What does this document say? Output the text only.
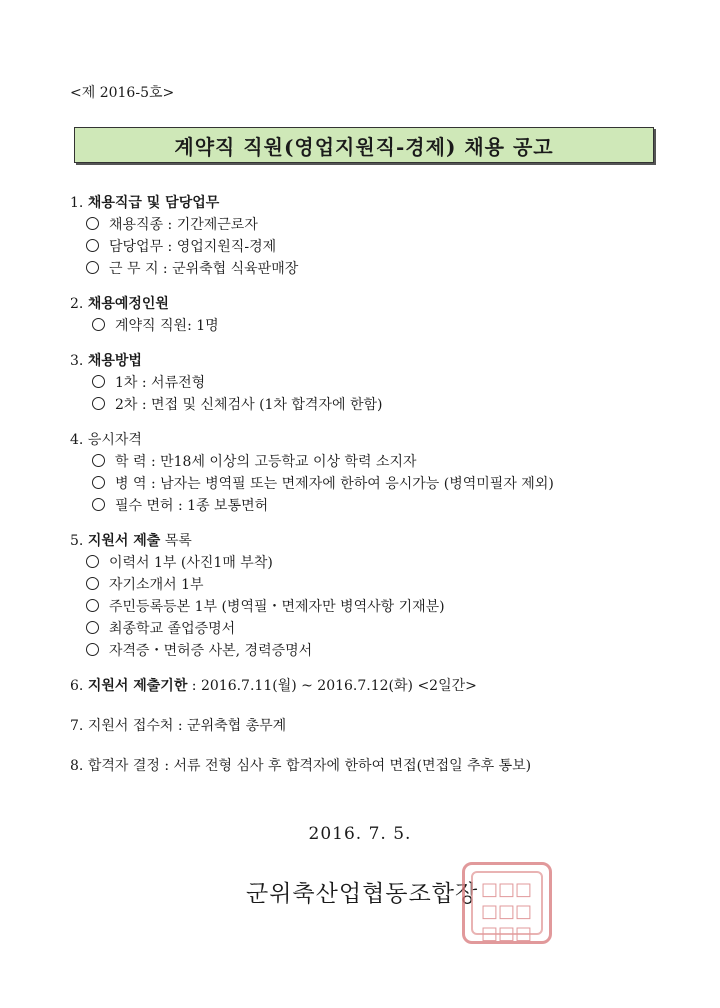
<제 2016-5호>
계약직 직원(영업지원직-경제) 채용 공고
1. 채용직급 및 담당업무
채용직종 : 기간제근로자
담당업무 : 영업지원직-경제
근 무 지 : 군위축협 식육판매장
2. 채용예정인원
계약직 직원: 1명
3. 채용방법
1차 : 서류전형
2차 : 면접 및 신체검사 (1차 합격자에 한함)
4. 응시자격
학 력 : 만18세 이상의 고등학교 이상 학력 소지자
병 역 : 남자는 병역필 또는 면제자에 한하여 응시가능 (병역미필자 제외)
필수 면허 : 1종 보통면허
5. 지원서 제출 목록
이력서 1부 (사진1매 부착)
자기소개서 1부
주민등록등본 1부 (병역필・면제자만 병역사항 기재분)
최종학교 졸업증명서
자격증・면허증 사본, 경력증명서
6. 지원서 제출기한 : 2016.7.11(월) ~ 2016.7.12(화) <2일간>
7. 지원서 접수처 : 군위축협 총무계
8. 합격자 결정 : 서류 전형 심사 후 합격자에 한하여 면접(면접일 추후 통보)
2016. 7. 5.
군위축산업협동조합장 □□□
□□□
□□□
